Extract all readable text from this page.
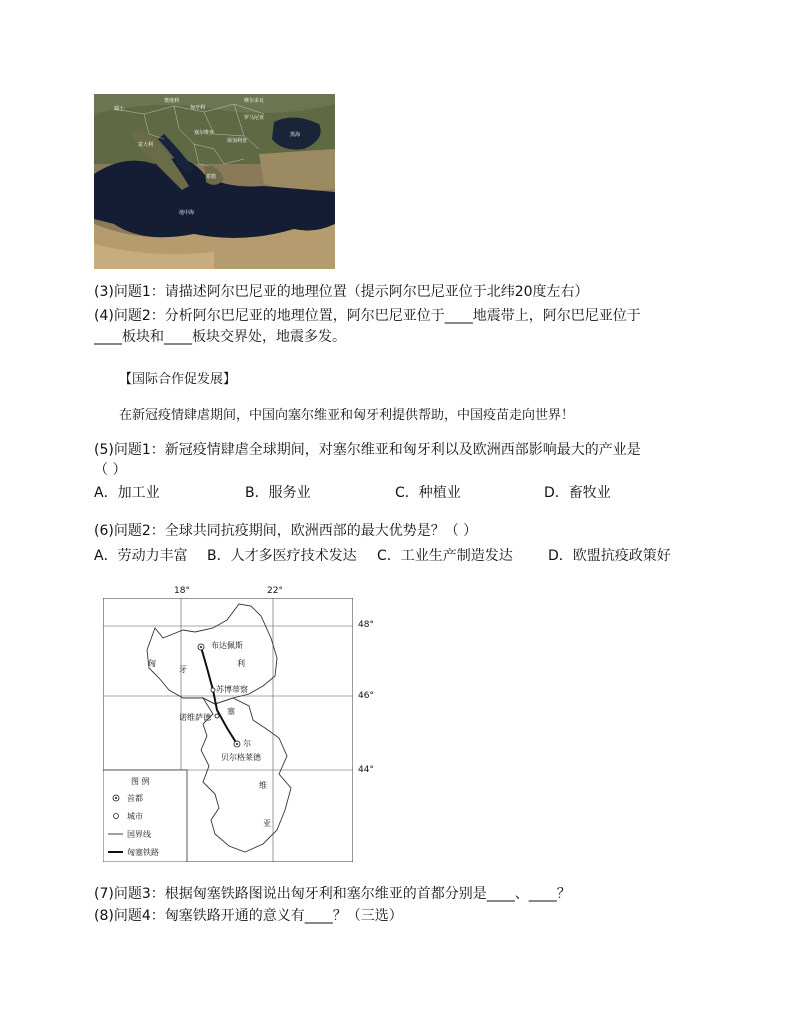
瑞士
奥地利
匈牙利
摩尔多瓦
罗马尼亚
意大利
塞尔维亚
保加利亚
黑海
希腊
地中海
(3)问题1：请描述阿尔巴尼亚的地理位置（提示阿尔巴尼亚位于北纬20度左右）
(4)问题2：分析阿尔巴尼亚的地理位置，阿尔巴尼亚位于____地震带上，阿尔巴尼亚位于
____板块和____板块交界处，地震多发。
【国际合作促发展】
在新冠疫情肆虐期间，中国向塞尔维亚和匈牙利提供帮助，中国疫苗走向世界！
(5)问题1：新冠疫情肆虐全球期间，对塞尔维亚和匈牙利以及欧洲西部影响最大的产业是
（ ）
A．加工业	B．服务业	C．种植业	D．畜牧业
(6)问题2：全球共同抗疫期间，欧洲西部的最大优势是？（ ）
A．劳动力丰富 B．人才多医疗技术发达 C．工业生产制造发达	D．欧盟抗疫政策好
布达佩斯
苏博蒂察
诺维萨德
贝尔格莱德
匈
牙
利
塞
尔
维
亚
图 例
首都
城市
国界线
匈塞铁路
18°	22°
48°
46°
44°
(7)问题3：根据匈塞铁路图说出匈牙利和塞尔维亚的首都分别是____、____？
(8)问题4：匈塞铁路开通的意义有____？（三选）
